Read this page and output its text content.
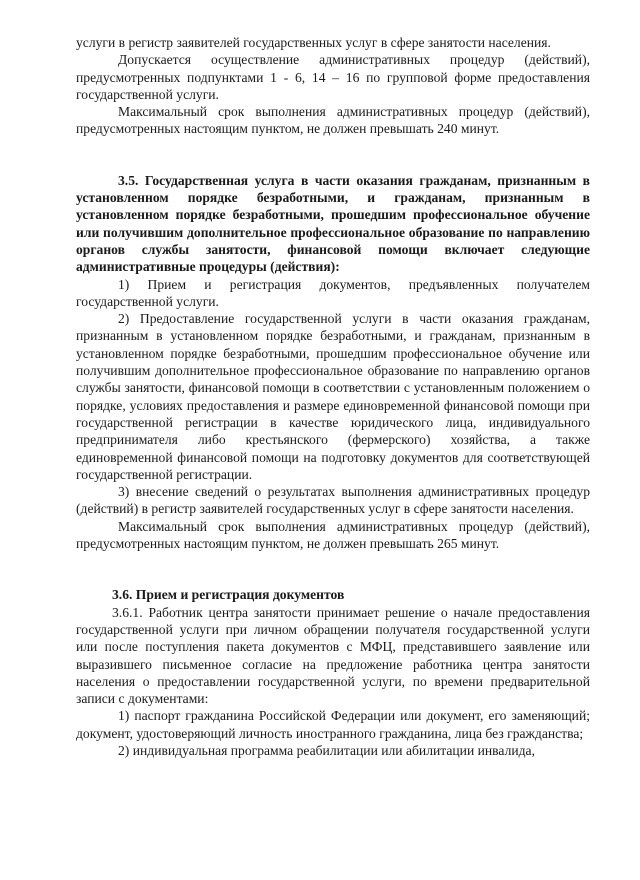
услуги в регистр заявителей государственных услуг в сфере занятости населения.

Допускается осуществление административных процедур (действий), предусмотренных подпунктами 1 - 6, 14 – 16 по групповой форме предоставления государственной услуги.

Максимальный срок выполнения административных процедур (действий), предусмотренных настоящим пунктом, не должен превышать 240 минут.

3.5. Государственная услуга в части оказания гражданам, признанным в установленном порядке безработными, и гражданам, признанным в установленном порядке безработными, прошедшим профессиональное обучение или получившим дополнительное профессиональное образование по направлению органов службы занятости, финансовой помощи включает следующие административные процедуры (действия):

1) Прием и регистрация документов, предъявленных получателем государственной услуги.

2) Предоставление государственной услуги в части оказания гражданам, признанным в установленном порядке безработными, и гражданам, признанным в установленном порядке безработными, прошедшим профессиональное обучение или получившим дополнительное профессиональное образование по направлению органов службы занятости, финансовой помощи в соответствии с установленным положением о порядке, условиях предоставления и размере единовременной финансовой помощи при государственной регистрации в качестве юридического лица, индивидуального предпринимателя либо крестьянского (фермерского) хозяйства, а также единовременной финансовой помощи на подготовку документов для соответствующей государственной регистрации.

3) внесение сведений о результатах выполнения административных процедур (действий) в регистр заявителей государственных услуг в сфере занятости населения.

Максимальный срок выполнения административных процедур (действий), предусмотренных настоящим пунктом, не должен превышать 265 минут.

3.6. Прием и регистрация документов

3.6.1. Работник центра занятости принимает решение о начале предоставления государственной услуги при личном обращении получателя государственной услуги или после поступления пакета документов с МФЦ, представившего заявление или выразившего письменное согласие на предложение работника центра занятости населения о предоставлении государственной услуги, по времени предварительной записи с документами:

1) паспорт гражданина Российской Федерации или документ, его заменяющий; документ, удостоверяющий личность иностранного гражданина, лица без гражданства;

2) индивидуальная программа реабилитации или абилитации инвалида,
